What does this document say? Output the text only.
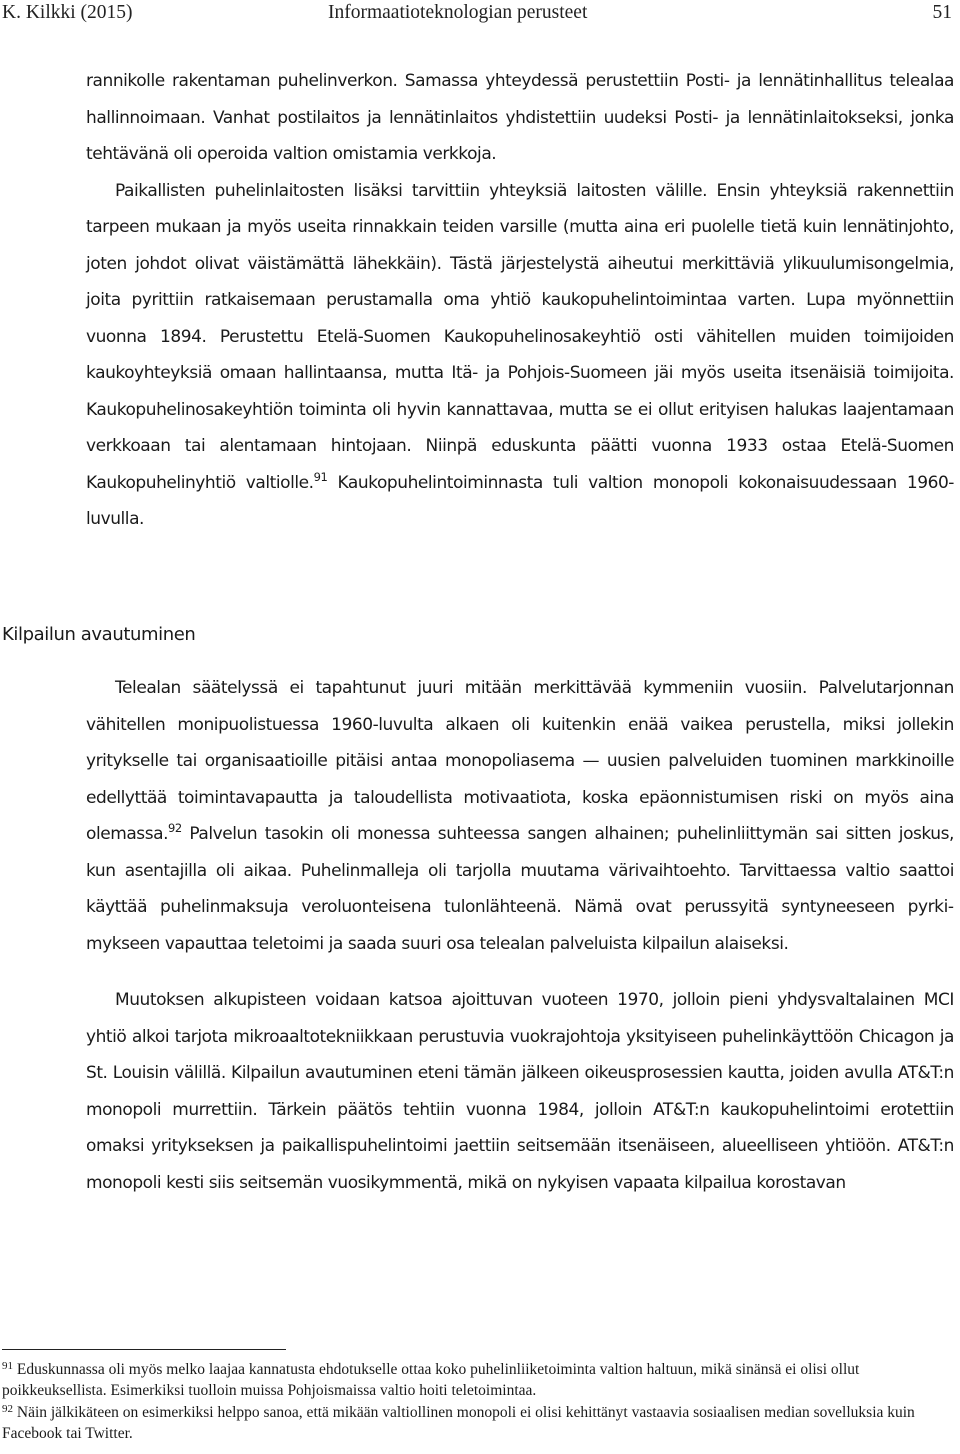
K. Kilkki (2015)	Informaatioteknologian perusteet	51

rannikolle rakentaman puhelinverkon. Samassa yhteydessä perustettiin Posti- ja lennätinhallitus telealaa hallinnoimaan. Vanhat postilaitos ja lennätinlaitos yhdistettiin uudeksi Posti- ja lennätinlaitokseksi, jonka tehtävänä oli operoida valtion omistamia verkkoja.

Paikallisten puhelinlaitosten lisäksi tarvittiin yhteyksiä laitosten välille. Ensin yhteyksiä rakennettiin tarpeen mukaan ja myös useita rinnakkain teiden varsille (mutta aina eri puolelle tietä kuin lennätinjohto, joten johdot olivat väistämättä lähekkäin). Tästä järjestelystä aiheutui merkittäviä ylikuulumisongelmia, joita pyrittiin ratkaisemaan perustamalla oma yhtiö kaukopuhelintoimintaa varten. Lupa myönnettiin vuonna 1894. Perustettu Etelä-Suomen Kaukopuhelinosakeyhtiö osti vähitellen muiden toimijoiden kaukoyhteyksiä omaan hallintaansa, mutta Itä- ja Pohjois-Suomeen jäi myös useita itsenäisiä toimijoita. Kaukopuhelinosakeyhtiön toiminta oli hyvin kannattavaa, mutta se ei ollut erityisen halukas laajentamaan verkkoaan tai alentamaan hintojaan. Niinpä eduskunta päätti vuonna 1933 ostaa Etelä-Suomen Kaukopuhelinyhtiö valtiolle.$^{91}$ Kaukopuhelintoiminnasta tuli valtion monopoli kokonaisuudessaan 1960-luvulla.

Kilpailun avautuminen

Telealan säätelyssä ei tapahtunut juuri mitään merkittävää kymmeniin vuosiin. Palvelutarjonnan vähitellen monipuolistuessa 1960-luvulta alkaen oli kuitenkin enää vaikea perustella, miksi jollekin yritykselle tai organisaatioille pitäisi antaa monopoliasema — uusien palveluiden tuominen markkinoille edellyttää toimintavapautta ja taloudellista motivaatiota, koska epäonnistumisen riski on myös aina olemassa.$^{92}$ Palvelun tasokin oli monessa suhteessa sangen alhainen; puhelinliittymän sai sitten joskus, kun asentajilla oli aikaa. Puhelinmalleja oli tarjolla muutama värivaihtoehto. Tarvittaessa valtio saattoi käyttää puhelinmaksuja veroluonteisena tulonlähteenä. Nämä ovat perussyitä syntyneeseen pyrkimykseen vapauttaa teletoimi ja saada suuri osa telealan palveluista kilpailun alaiseksi.

Muutoksen alkupisteen voidaan katsoa ajoittuvan vuoteen 1970, jolloin pieni yhdysvaltalainen MCI yhtiö alkoi tarjota mikroaaltotekniikkaan perustuvia vuokrajohtoja yksityiseen puhelinkäyttöön Chicagon ja St. Louisin välillä. Kilpailun avautuminen eteni tämän jälkeen oikeusprosessien kautta, joiden avulla AT&T:n monopoli murrettiin. Tärkein päätös tehtiin vuonna 1984, jolloin AT&T:n kaukopuhelintoimi erotettiin omaksi yritykseksen ja paikallispuhelintoimi jaettiin seitsemään itsenäiseen, alueelliseen yhtiöön. AT&T:n monopoli kesti siis seitsemän vuosikymmentä, mikä on nykyisen vapaata kilpailua korostavan

$^{91}$ Eduskunnassa oli myös melko laajaa kannatusta ehdotukselle ottaa koko puhelinliiketoiminta valtion haltuun, mikä sinänsä ei olisi ollut poikkeuksellista. Esimerkiksi tuolloin muissa Pohjoismaissa valtio hoiti teletoimintaa.

$^{92}$ Näin jälkikäteen on esimerkiksi helppo sanoa, että mikään valtiollinen monopoli ei olisi kehittänyt vastaavia sosiaalisen median sovelluksia kuin Facebook tai Twitter.
